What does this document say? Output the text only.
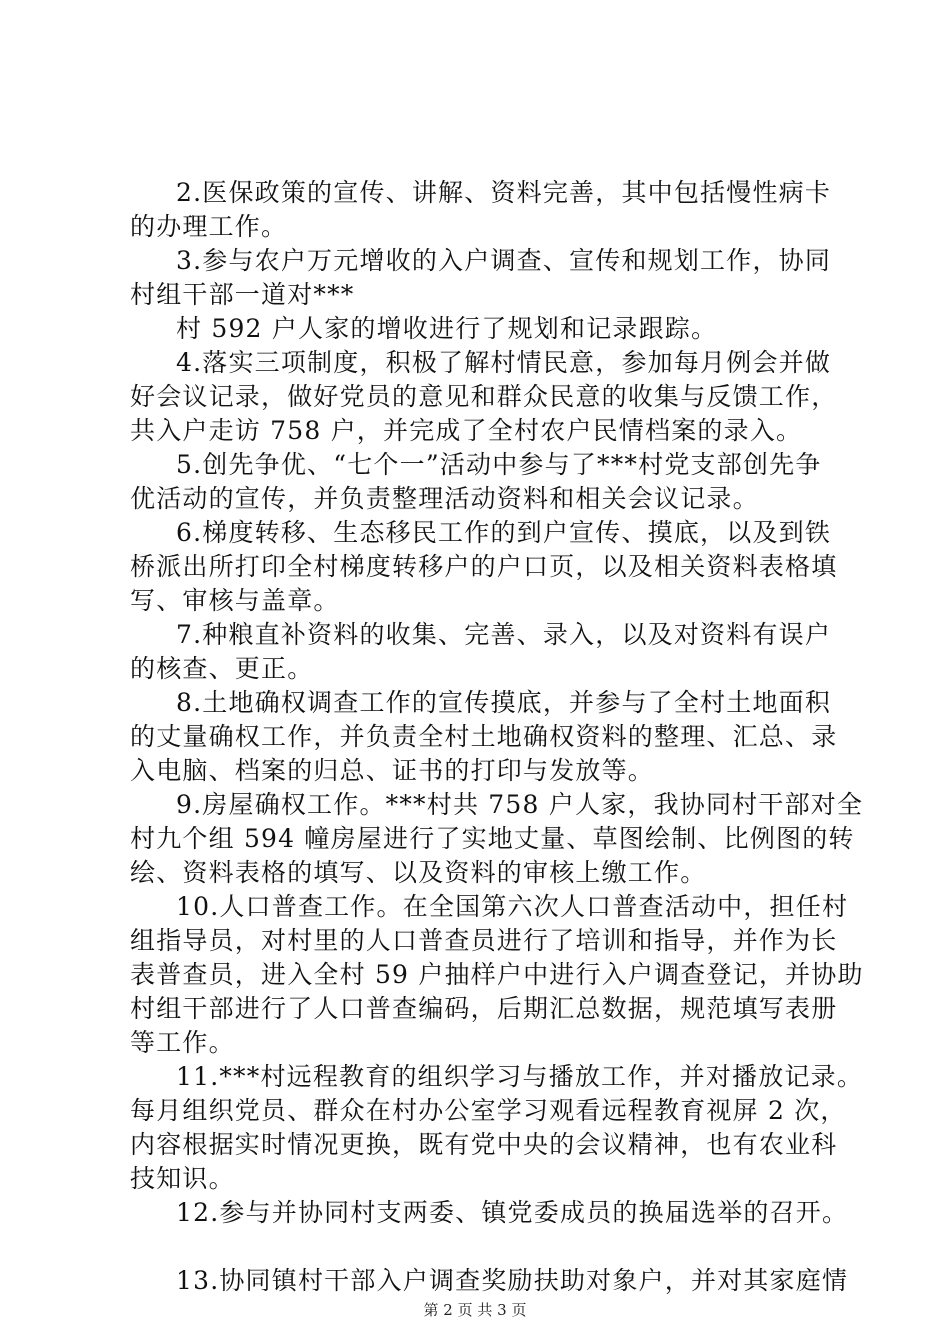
2.医保政策的宣传、讲解、资料完善，其中包括慢性病卡
的办理工作。
3.参与农户万元增收的入户调查、宣传和规划工作，协同
村组干部一道对***
村 592 户人家的增收进行了规划和记录跟踪。
4.落实三项制度，积极了解村情民意，参加每月例会并做
好会议记录，做好党员的意见和群众民意的收集与反馈工作，
共入户走访 758 户，并完成了全村农户民情档案的录入。
5.创先争优、“七个一”活动中参与了***村党支部创先争
优活动的宣传，并负责整理活动资料和相关会议记录。
6.梯度转移、生态移民工作的到户宣传、摸底，以及到铁
桥派出所打印全村梯度转移户的户口页，以及相关资料表格填
写、审核与盖章。
7.种粮直补资料的收集、完善、录入，以及对资料有误户
的核查、更正。
8.土地确权调查工作的宣传摸底，并参与了全村土地面积
的丈量确权工作，并负责全村土地确权资料的整理、汇总、录
入电脑、档案的归总、证书的打印与发放等。
9.房屋确权工作。***村共 758 户人家，我协同村干部对全
村九个组 594 幢房屋进行了实地丈量、草图绘制、比例图的转
绘、资料表格的填写、以及资料的审核上缴工作。
10.人口普查工作。在全国第六次人口普查活动中，担任村
组指导员，对村里的人口普查员进行了培训和指导，并作为长
表普查员，进入全村 59 户抽样户中进行入户调查登记，并协助
村组干部进行了人口普查编码，后期汇总数据，规范填写表册
等工作。
11.***村远程教育的组织学习与播放工作，并对播放记录。
每月组织党员、群众在村办公室学习观看远程教育视屏 2 次，
内容根据实时情况更换，既有党中央的会议精神，也有农业科
技知识。
12.参与并协同村支两委、镇党委成员的换届选举的召开。
13.协同镇村干部入户调查奖励扶助对象户，并对其家庭情
第 2 页 共 3 页
